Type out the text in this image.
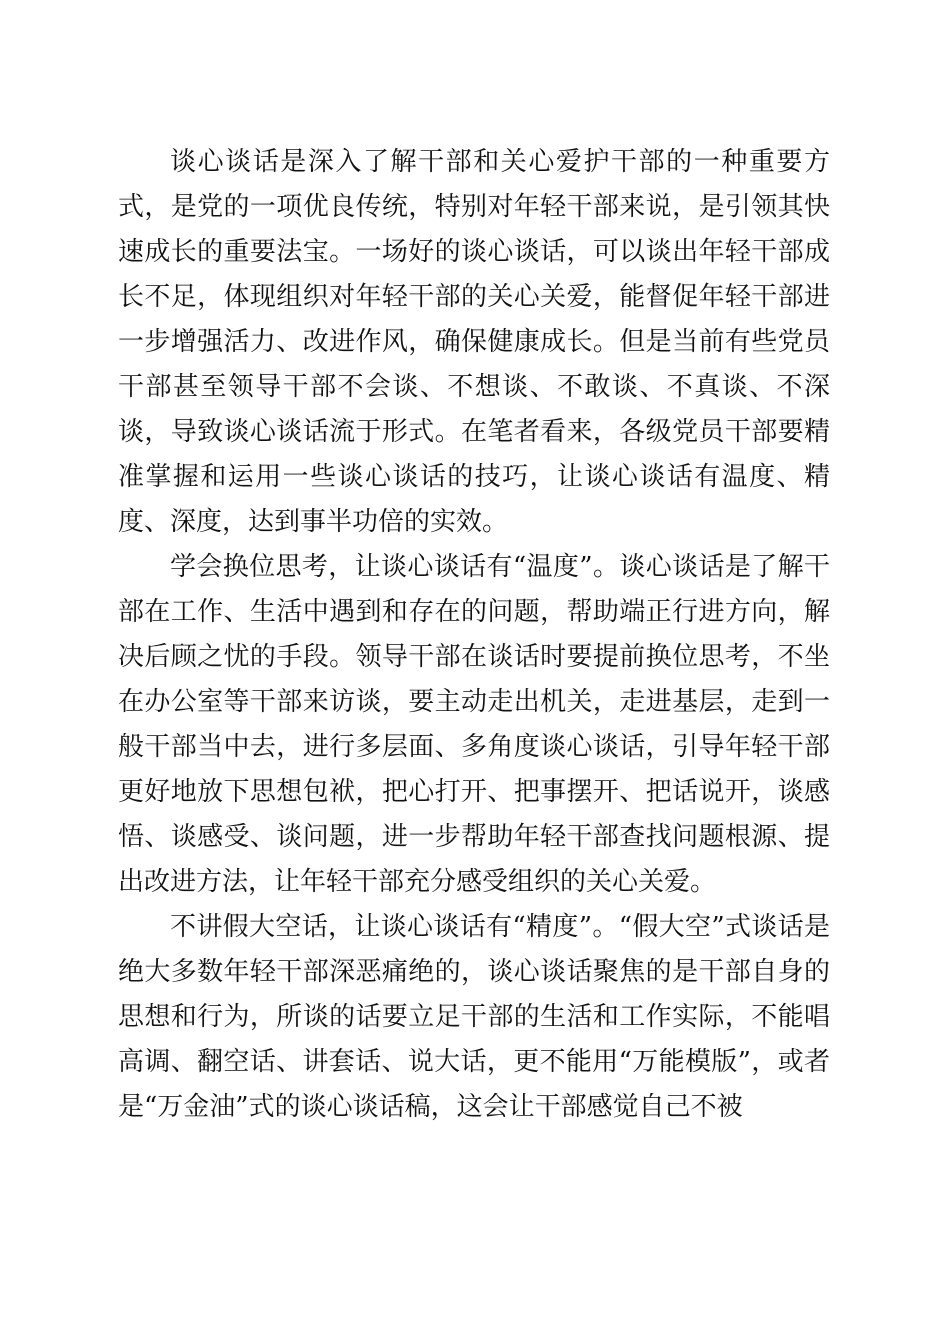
谈心谈话是深入了解干部和关心爱护干部的一种重要方式，是党的一项优良传统，特别对年轻干部来说，是引领其快速成长的重要法宝。一场好的谈心谈话，可以谈出年轻干部成长不足，体现组织对年轻干部的关心关爱，能督促年轻干部进一步增强活力、改进作风，确保健康成长。但是当前有些党员干部甚至领导干部不会谈、不想谈、不敢谈、不真谈、不深谈，导致谈心谈话流于形式。在笔者看来，各级党员干部要精准掌握和运用一些谈心谈话的技巧，让谈心谈话有温度、精度、深度，达到事半功倍的实效。

学会换位思考，让谈心谈话有“温度”。谈心谈话是了解干部在工作、生活中遇到和存在的问题，帮助端正行进方向，解决后顾之忧的手段。领导干部在谈话时要提前换位思考，不坐在办公室等干部来访谈，要主动走出机关，走进基层，走到一般干部当中去，进行多层面、多角度谈心谈话，引导年轻干部更好地放下思想包袱，把心打开、把事摆开、把话说开，谈感悟、谈感受、谈问题，进一步帮助年轻干部查找问题根源、提出改进方法，让年轻干部充分感受组织的关心关爱。

不讲假大空话，让谈心谈话有“精度”。“假大空”式谈话是绝大多数年轻干部深恶痛绝的，谈心谈话聚焦的是干部自身的思想和行为，所谈的话要立足干部的生活和工作实际，不能唱高调、翻空话、讲套话、说大话，更不能用“万能模版”，或者是“万金油”式的谈心谈话稿，这会让干部感觉自己不被
